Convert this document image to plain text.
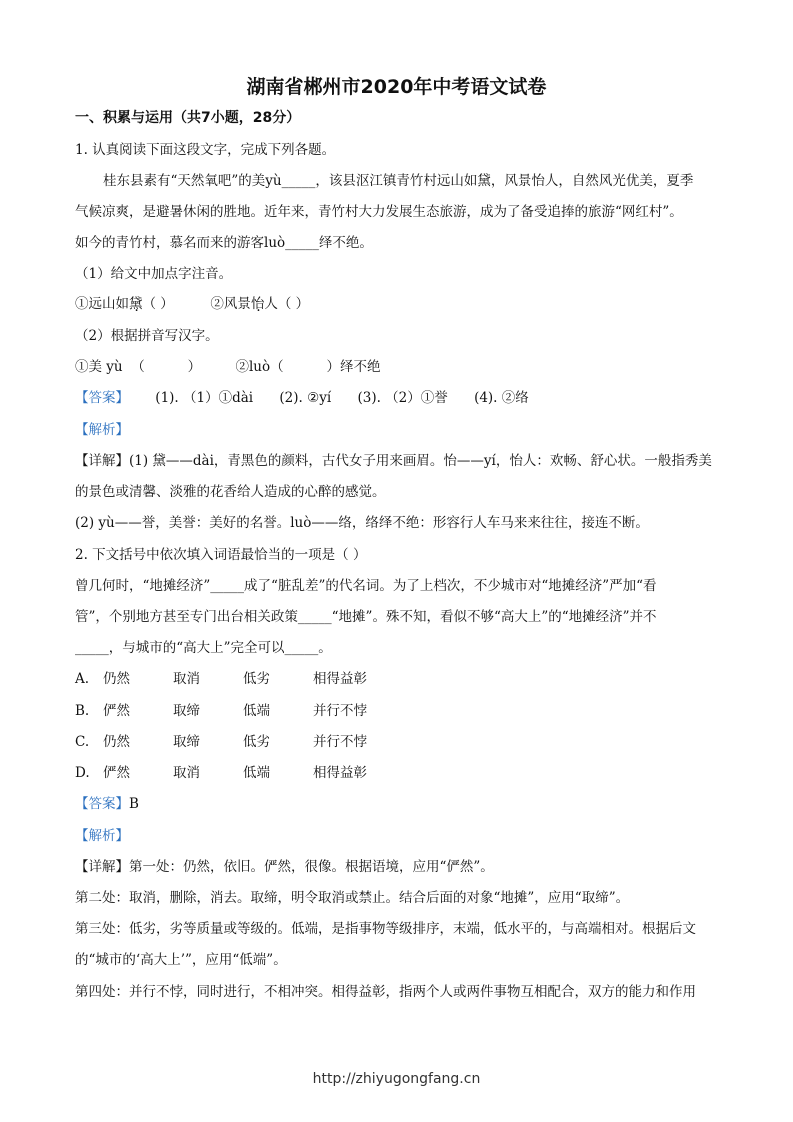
湖南省郴州市2020年中考语文试卷
一、积累与运用（共7小题，28分）
1. 认真阅读下面这段文字，完成下列各题。
桂东县素有“天然氧吧”的美yù_____，该县沤江镇青竹村远山如黛，风景怡人，自然风光优美，夏季
气候凉爽，是避暑休闲的胜地。近年来，青竹村大力发展生态旅游，成为了备受追捧的旅游“网红村”。
如今的青竹村，慕名而来的游客luò_____绎不绝。
（1）给文中加点字注音。
①远山如黛（ ）	②风景怡人（ ）
（2）根据拼音写汉字。
①美 yù  （          ）        ②luò（          ）绎不绝
【答案】 (1). （1）①dài (2). ②yí (3). （2）①誉 (4). ②络
【解析】
【详解】(1) 黛——dài，青黑色的颜料，古代女子用来画眉。怡——yí，怡人：欢畅、舒心状。一般指秀美
的景色或清馨、淡雅的花香给人造成的心醉的感觉。
(2) yù——誉，美誉：美好的名誉。luò——络，络绎不绝：形容行人车马来来往往，接连不断。
2. 下文括号中依次填入词语最恰当的一项是（ ）
曾几何时，“地摊经济”_____成了“脏乱差”的代名词。为了上档次，不少城市对“地摊经济”严加“看
管”，个别地方甚至专门出台相关政策_____“地摊”。殊不知，看似不够“高大上”的“地摊经济”并不
_____，与城市的“高大上”完全可以_____。
A. 仍然	取消	低劣	相得益彰
B. 俨然	取缔	低端	并行不悖
C. 仍然	取缔	低劣	并行不悖
D. 俨然	取消	低端	相得益彰
【答案】B
【解析】
【详解】第一处：仍然，依旧。俨然，很像。根据语境，应用“俨然”。
第二处：取消，删除，消去。取缔，明令取消或禁止。结合后面的对象“地摊”，应用“取缔”。
第三处：低劣，劣等质量或等级的。低端，是指事物等级排序，末端，低水平的，与高端相对。根据后文
的“城市的‘高大上’”，应用“低端”。
第四处：并行不悖，同时进行，不相冲突。相得益彰，指两个人或两件事物互相配合，双方的能力和作用
http://zhiyugongfang.cn
